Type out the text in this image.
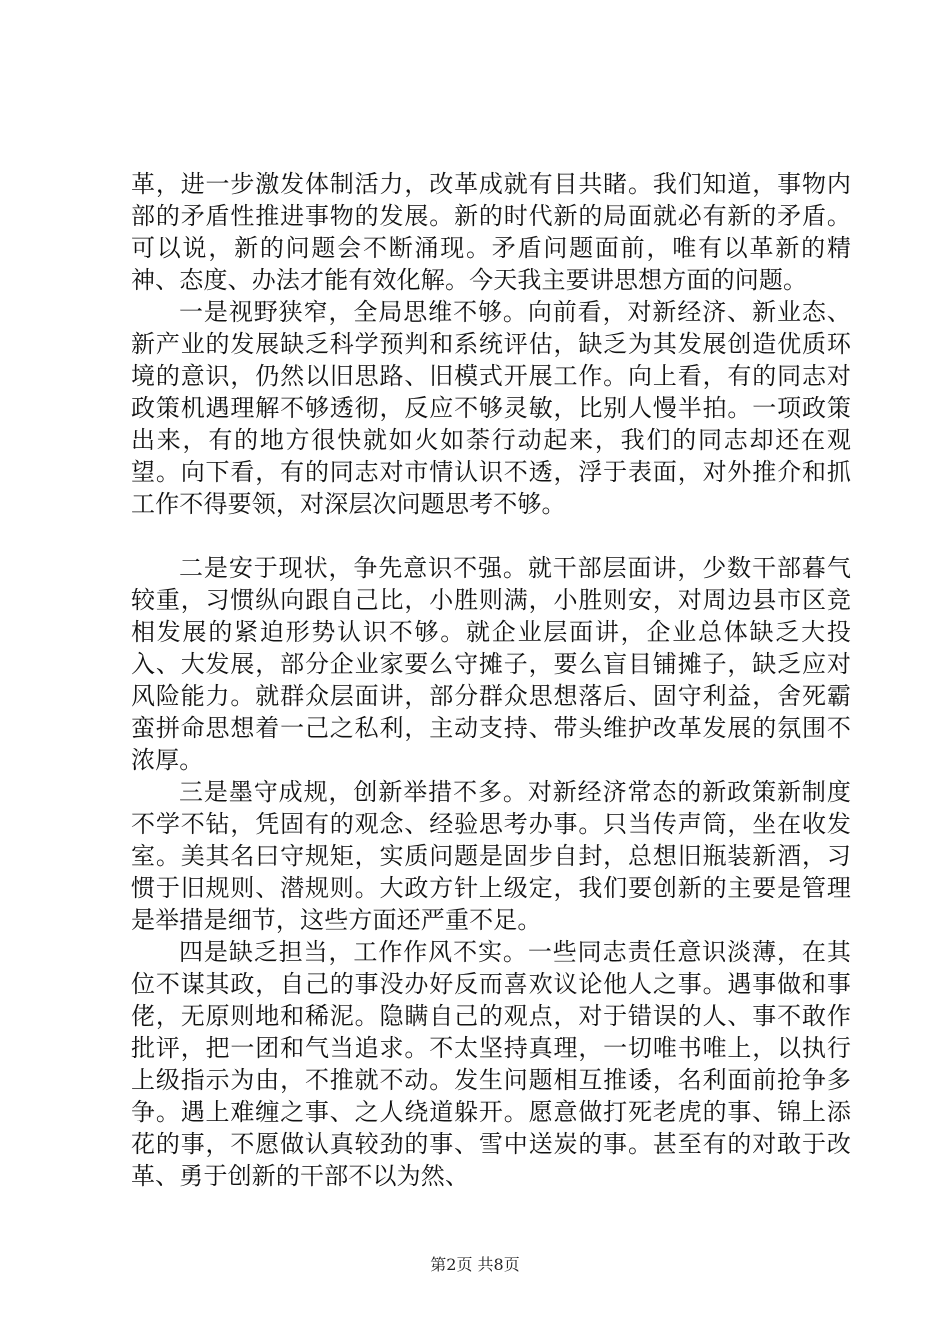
革，进一步激发体制活力，改革成就有目共睹。我们知道，事物内部的矛盾性推进事物的发展。新的时代新的局面就必有新的矛盾。可以说，新的问题会不断涌现。矛盾问题面前，唯有以革新的精神、态度、办法才能有效化解。今天我主要讲思想方面的问题。

一是视野狭窄，全局思维不够。向前看，对新经济、新业态、新产业的发展缺乏科学预判和系统评估，缺乏为其发展创造优质环境的意识，仍然以旧思路、旧模式开展工作。向上看，有的同志对政策机遇理解不够透彻，反应不够灵敏，比别人慢半拍。一项政策出来，有的地方很快就如火如荼行动起来，我们的同志却还在观望。向下看，有的同志对市情认识不透，浮于表面，对外推介和抓工作不得要领，对深层次问题思考不够。

二是安于现状，争先意识不强。就干部层面讲，少数干部暮气较重，习惯纵向跟自己比，小胜则满，小胜则安，对周边县市区竞相发展的紧迫形势认识不够。就企业层面讲，企业总体缺乏大投入、大发展，部分企业家要么守摊子，要么盲目铺摊子，缺乏应对风险能力。就群众层面讲，部分群众思想落后、固守利益，舍死霸蛮拼命思想着一己之私利，主动支持、带头维护改革发展的氛围不浓厚。

三是墨守成规，创新举措不多。对新经济常态的新政策新制度不学不钻，凭固有的观念、经验思考办事。只当传声筒，坐在收发室。美其名曰守规矩，实质问题是固步自封，总想旧瓶装新酒，习惯于旧规则、潜规则。大政方针上级定，我们要创新的主要是管理是举措是细节，这些方面还严重不足。

四是缺乏担当，工作作风不实。一些同志责任意识淡薄，在其位不谋其政，自己的事没办好反而喜欢议论他人之事。遇事做和事佬，无原则地和稀泥。隐瞒自己的观点，对于错误的人、事不敢作批评，把一团和气当追求。不太坚持真理，一切唯书唯上，以执行上级指示为由，不推就不动。发生问题相互推诿，名利面前抢争多争。遇上难缠之事、之人绕道躲开。愿意做打死老虎的事、锦上添花的事，不愿做认真较劲的事、雪中送炭的事。甚至有的对敢于改革、勇于创新的干部不以为然、

第2页 共8页
